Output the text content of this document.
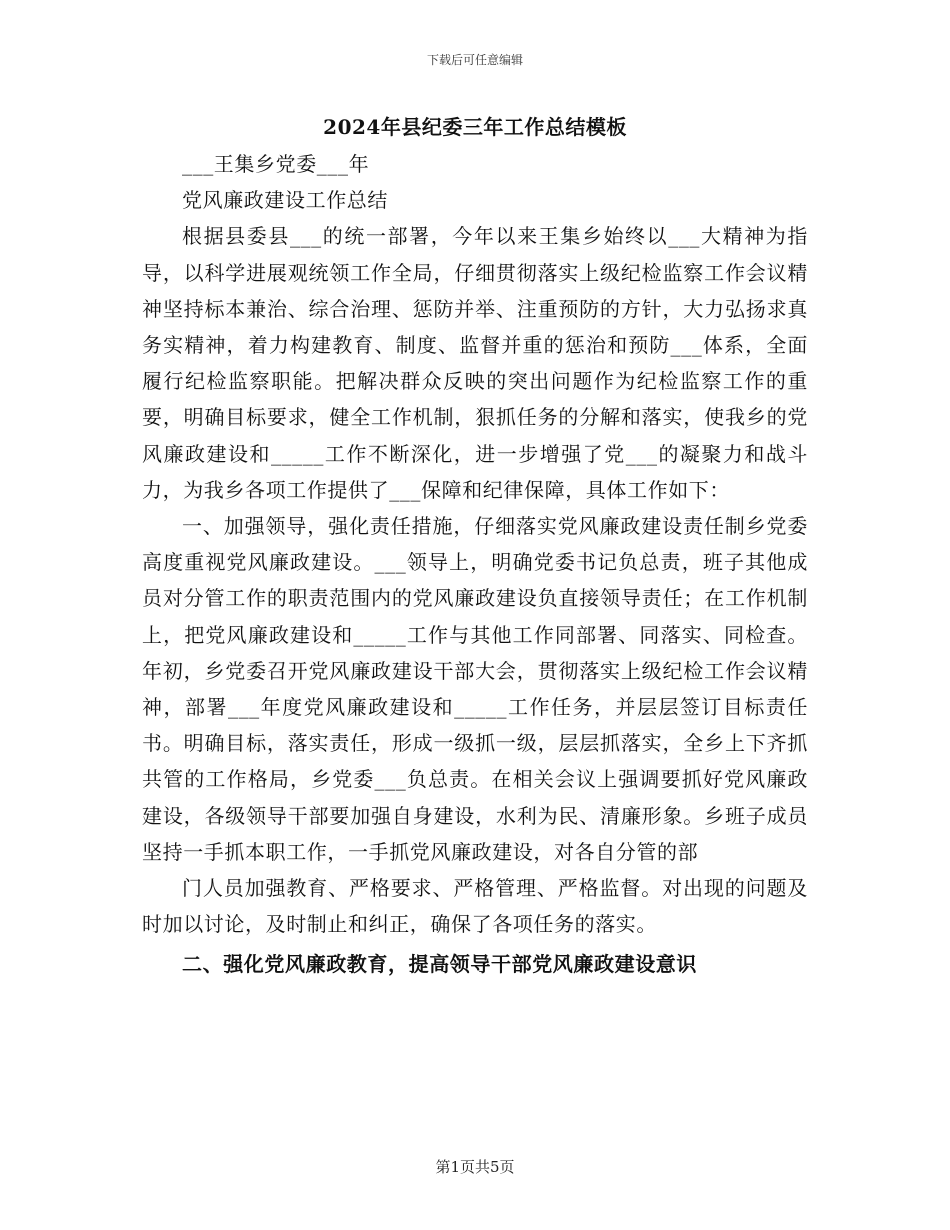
下载后可任意编辑
2024年县纪委三年工作总结模板

___王集乡党委___年

党风廉政建设工作总结

根据县委县___的统一部署，今年以来王集乡始终以___大精神为指导，以科学进展观统领工作全局，仔细贯彻落实上级纪检监察工作会议精神坚持标本兼治、综合治理、惩防并举、注重预防的方针，大力弘扬求真务实精神，着力构建教育、制度、监督并重的惩治和预防___体系，全面履行纪检监察职能。把解决群众反映的突出问题作为纪检监察工作的重要，明确目标要求，健全工作机制，狠抓任务的分解和落实，使我乡的党风廉政建设和_____工作不断深化，进一步增强了党___的凝聚力和战斗力，为我乡各项工作提供了___保障和纪律保障，具体工作如下：

一、加强领导，强化责任措施，仔细落实党风廉政建设责任制乡党委高度重视党风廉政建设。___领导上，明确党委书记负总责，班子其他成员对分管工作的职责范围内的党风廉政建设负直接领导责任；在工作机制上，把党风廉政建设和_____工作与其他工作同部署、同落实、同检查。年初，乡党委召开党风廉政建设干部大会，贯彻落实上级纪检工作会议精神，部署___年度党风廉政建设和_____工作任务，并层层签订目标责任书。明确目标，落实责任，形成一级抓一级，层层抓落实，全乡上下齐抓共管的工作格局，乡党委___负总责。在相关会议上强调要抓好党风廉政建设，各级领导干部要加强自身建设，水利为民、清廉形象。乡班子成员坚持一手抓本职工作，一手抓党风廉政建设，对各自分管的部

门人员加强教育、严格要求、严格管理、严格监督。对出现的问题及时加以讨论，及时制止和纠正，确保了各项任务的落实。

二、强化党风廉政教育，提高领导干部党风廉政建设意识

第1页共5页
